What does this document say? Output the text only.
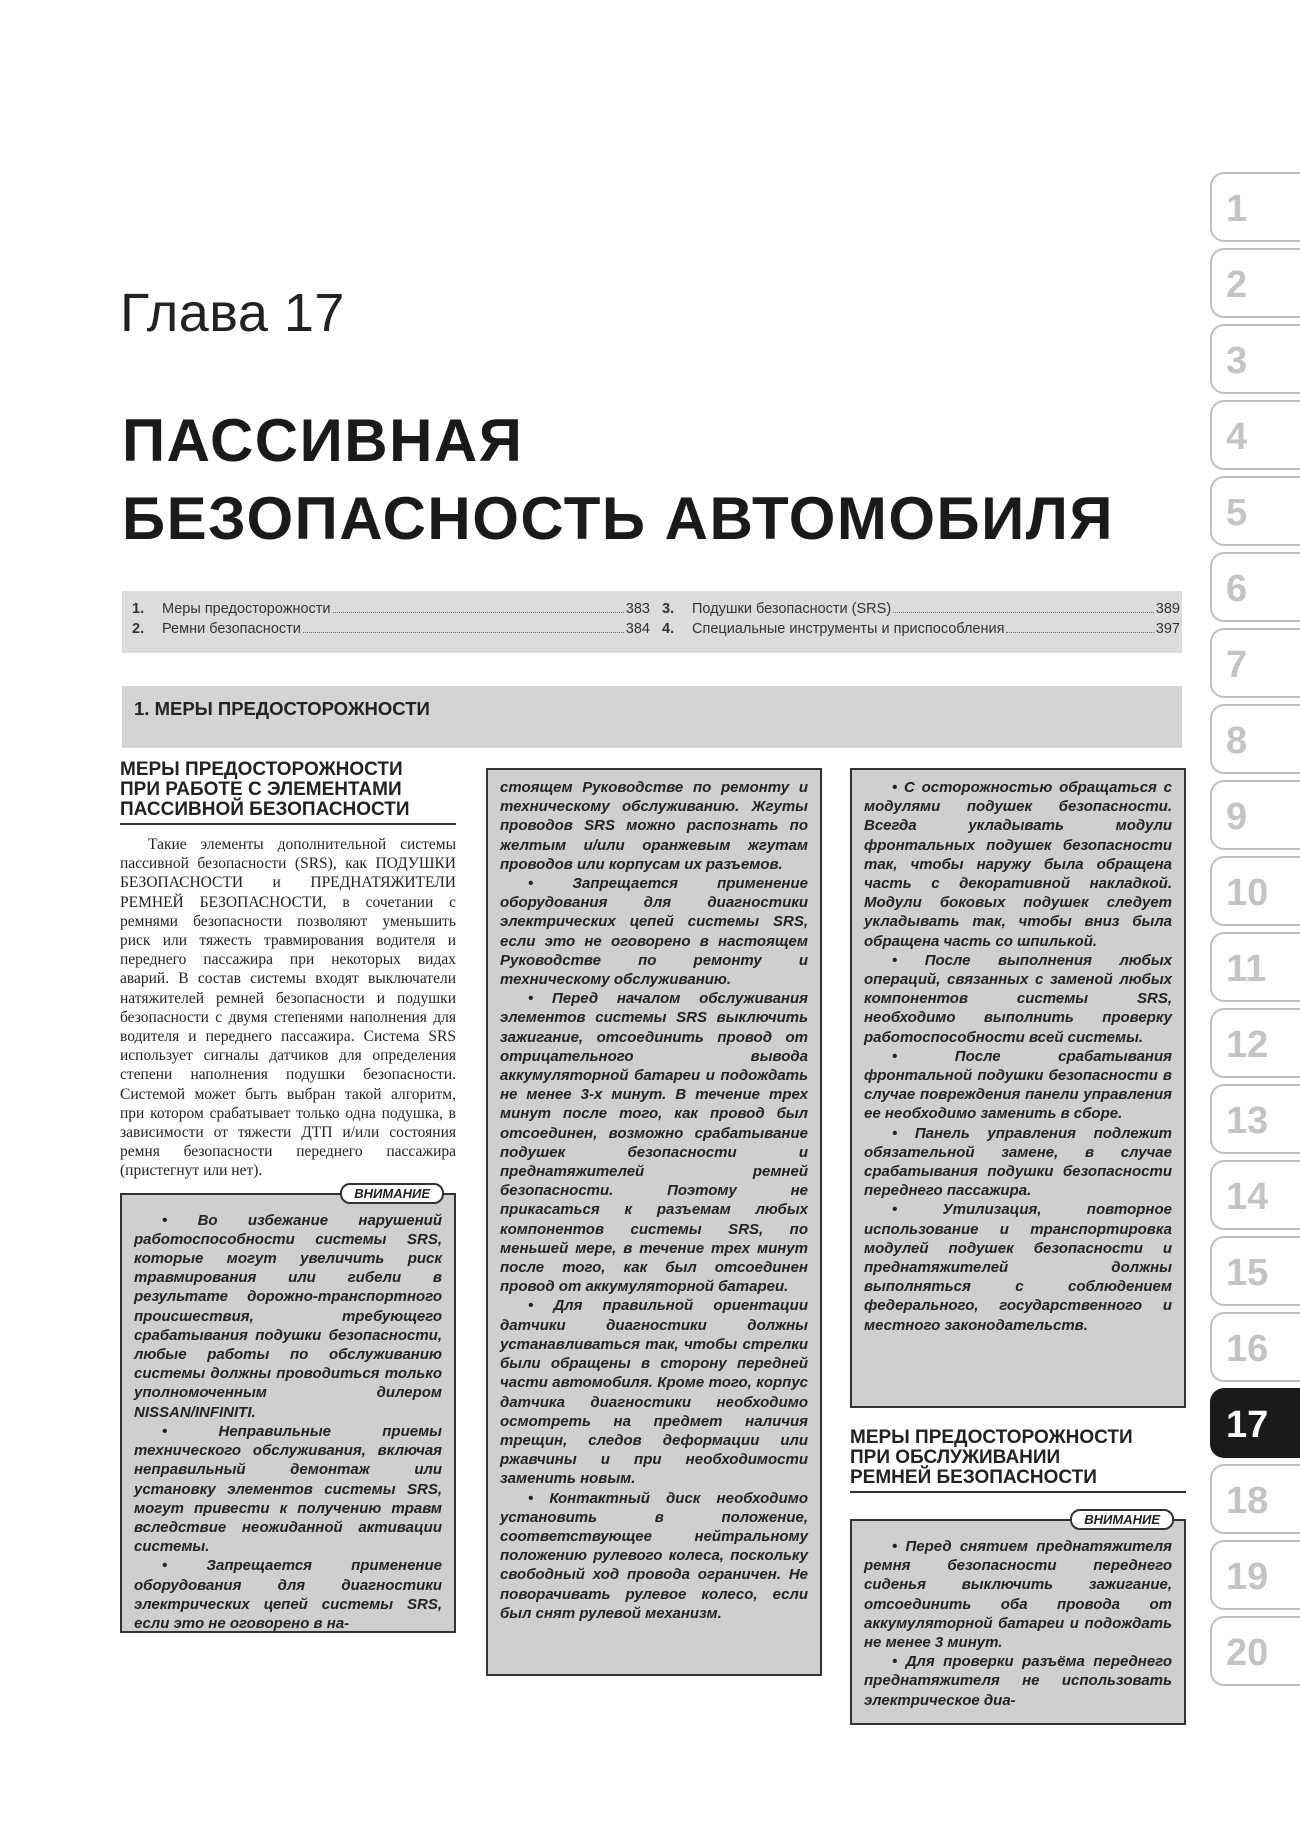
Глава 17
ПАССИВНАЯ
БЕЗОПАСНОСТЬ АВТОМОБИЛЯ
1.	Меры предосторожности	383
2.	Ремни безопасности	384
3.	Подушки безопасности (SRS)	389
4.	Специальные инструменты и приспособления	397
1. МЕРЫ ПРЕДОСТОРОЖНОСТИ
МЕРЫ ПРЕДОСТОРОЖНОСТИ
ПРИ РАБОТЕ С ЭЛЕМЕНТАМИ
ПАССИВНОЙ БЕЗОПАСНОСТИ
Такие элементы дополнительной системы пассивной безопасности (SRS), как ПОДУШКИ БЕЗОПАСНОСТИ и ПРЕДНАТЯЖИТЕЛИ РЕМНЕЙ БЕЗОПАСНОСТИ, в сочетании с ремнями безопасности позволяют уменьшить риск или тяжесть травмирования водителя и переднего пассажира при некоторых видах аварий. В состав системы входят выключатели натяжителей ремней безопасности и подушки безопасности с двумя степенями наполнения для водителя и переднего пассажира. Система SRS использует сигналы датчиков для определения степени наполнения подушки безопасности. Системой может быть выбран такой алгоритм, при котором срабатывает только одна подушка, в зависимости от тяжести ДТП и/или состояния ремня безопасности переднего пассажира (пристегнут или нет).
ВНИМАНИЕ

• Во избежание нарушений работоспособности системы SRS, которые могут увеличить риск травмирования или гибели в результате дорожно-транспортного происшествия, требующего срабатывания подушки безопасности, любые работы по обслуживанию системы должны проводиться только уполномоченным дилером NISSAN/INFINITI.

• Неправильные приемы технического обслуживания, включая неправильный демонтаж или установку элементов системы SRS, могут привести к получению травм вследствие неожиданной активации системы.

• Запрещается применение оборудования для диагностики электрических цепей системы SRS, если это не оговорено в на-

стоящем Руководстве по ремонту и техническому обслуживанию. Жгуты проводов SRS можно распознать по желтым и/или оранжевым жгутам проводов или корпусам их разъемов.

• Запрещается применение оборудования для диагностики электрических цепей системы SRS, если это не оговорено в настоящем Руководстве по ремонту и техническому обслуживанию.

• Перед началом обслуживания элементов системы SRS выключить зажигание, отсоединить провод от отрицательного вывода аккумуляторной батареи и подождать не менее 3-х минут. В течение трех минут после того, как провод был отсоединен, возможно срабатывание подушек безопасности и преднатяжителей ремней безопасности. Поэтому не прикасаться к разъемам любых компонентов системы SRS, по меньшей мере, в течение трех минут после того, как был отсоединен провод от аккумуляторной батареи.

• Для правильной ориентации датчики диагностики должны устанавливаться так, чтобы стрелки были обращены в сторону передней части автомобиля. Кроме того, корпус датчика диагностики необходимо осмотреть на предмет наличия трещин, следов деформации или ржавчины и при необходимости заменить новым.

• Контактный диск необходимо установить в положение, соответствующее нейтральному положению рулевого колеса, поскольку свободный ход провода ограничен. Не поворачивать рулевое колесо, если был снят рулевой механизм.

• С осторожностью обращаться с модулями подушек безопасности. Всегда укладывать модули фронтальных подушек безопасности так, чтобы наружу была обращена часть с декоративной накладкой. Модули боковых подушек следует укладывать так, чтобы вниз была обращена часть со шпилькой.

• После выполнения любых операций, связанных с заменой любых компонентов системы SRS, необходимо выполнить проверку работоспособности всей системы.

• После срабатывания фронтальной подушки безопасности в случае повреждения панели управления ее необходимо заменить в сборе.

• Панель управления подлежит обязательной замене, в случае срабатывания подушки безопасности переднего пассажира.

• Утилизация, повторное использование и транспортировка модулей подушек безопасности и преднатяжителей должны выполняться с соблюдением федерального, государственного и местного законодательств.

МЕРЫ ПРЕДОСТОРОЖНОСТИ
ПРИ ОБСЛУЖИВАНИИ
РЕМНЕЙ БЕЗОПАСНОСТИ
ВНИМАНИЕ

• Перед снятием преднатяжителя ремня безопасности переднего сиденья выключить зажигание, отсоединить оба провода от аккумуляторной батареи и подождать не менее 3 минут.

• Для проверки разъёма переднего преднатяжителя не использовать электрическое диа-

1
2
3
4
5
6
7
8
9
10
11
12
13
14
15
16
17
18
19
20
